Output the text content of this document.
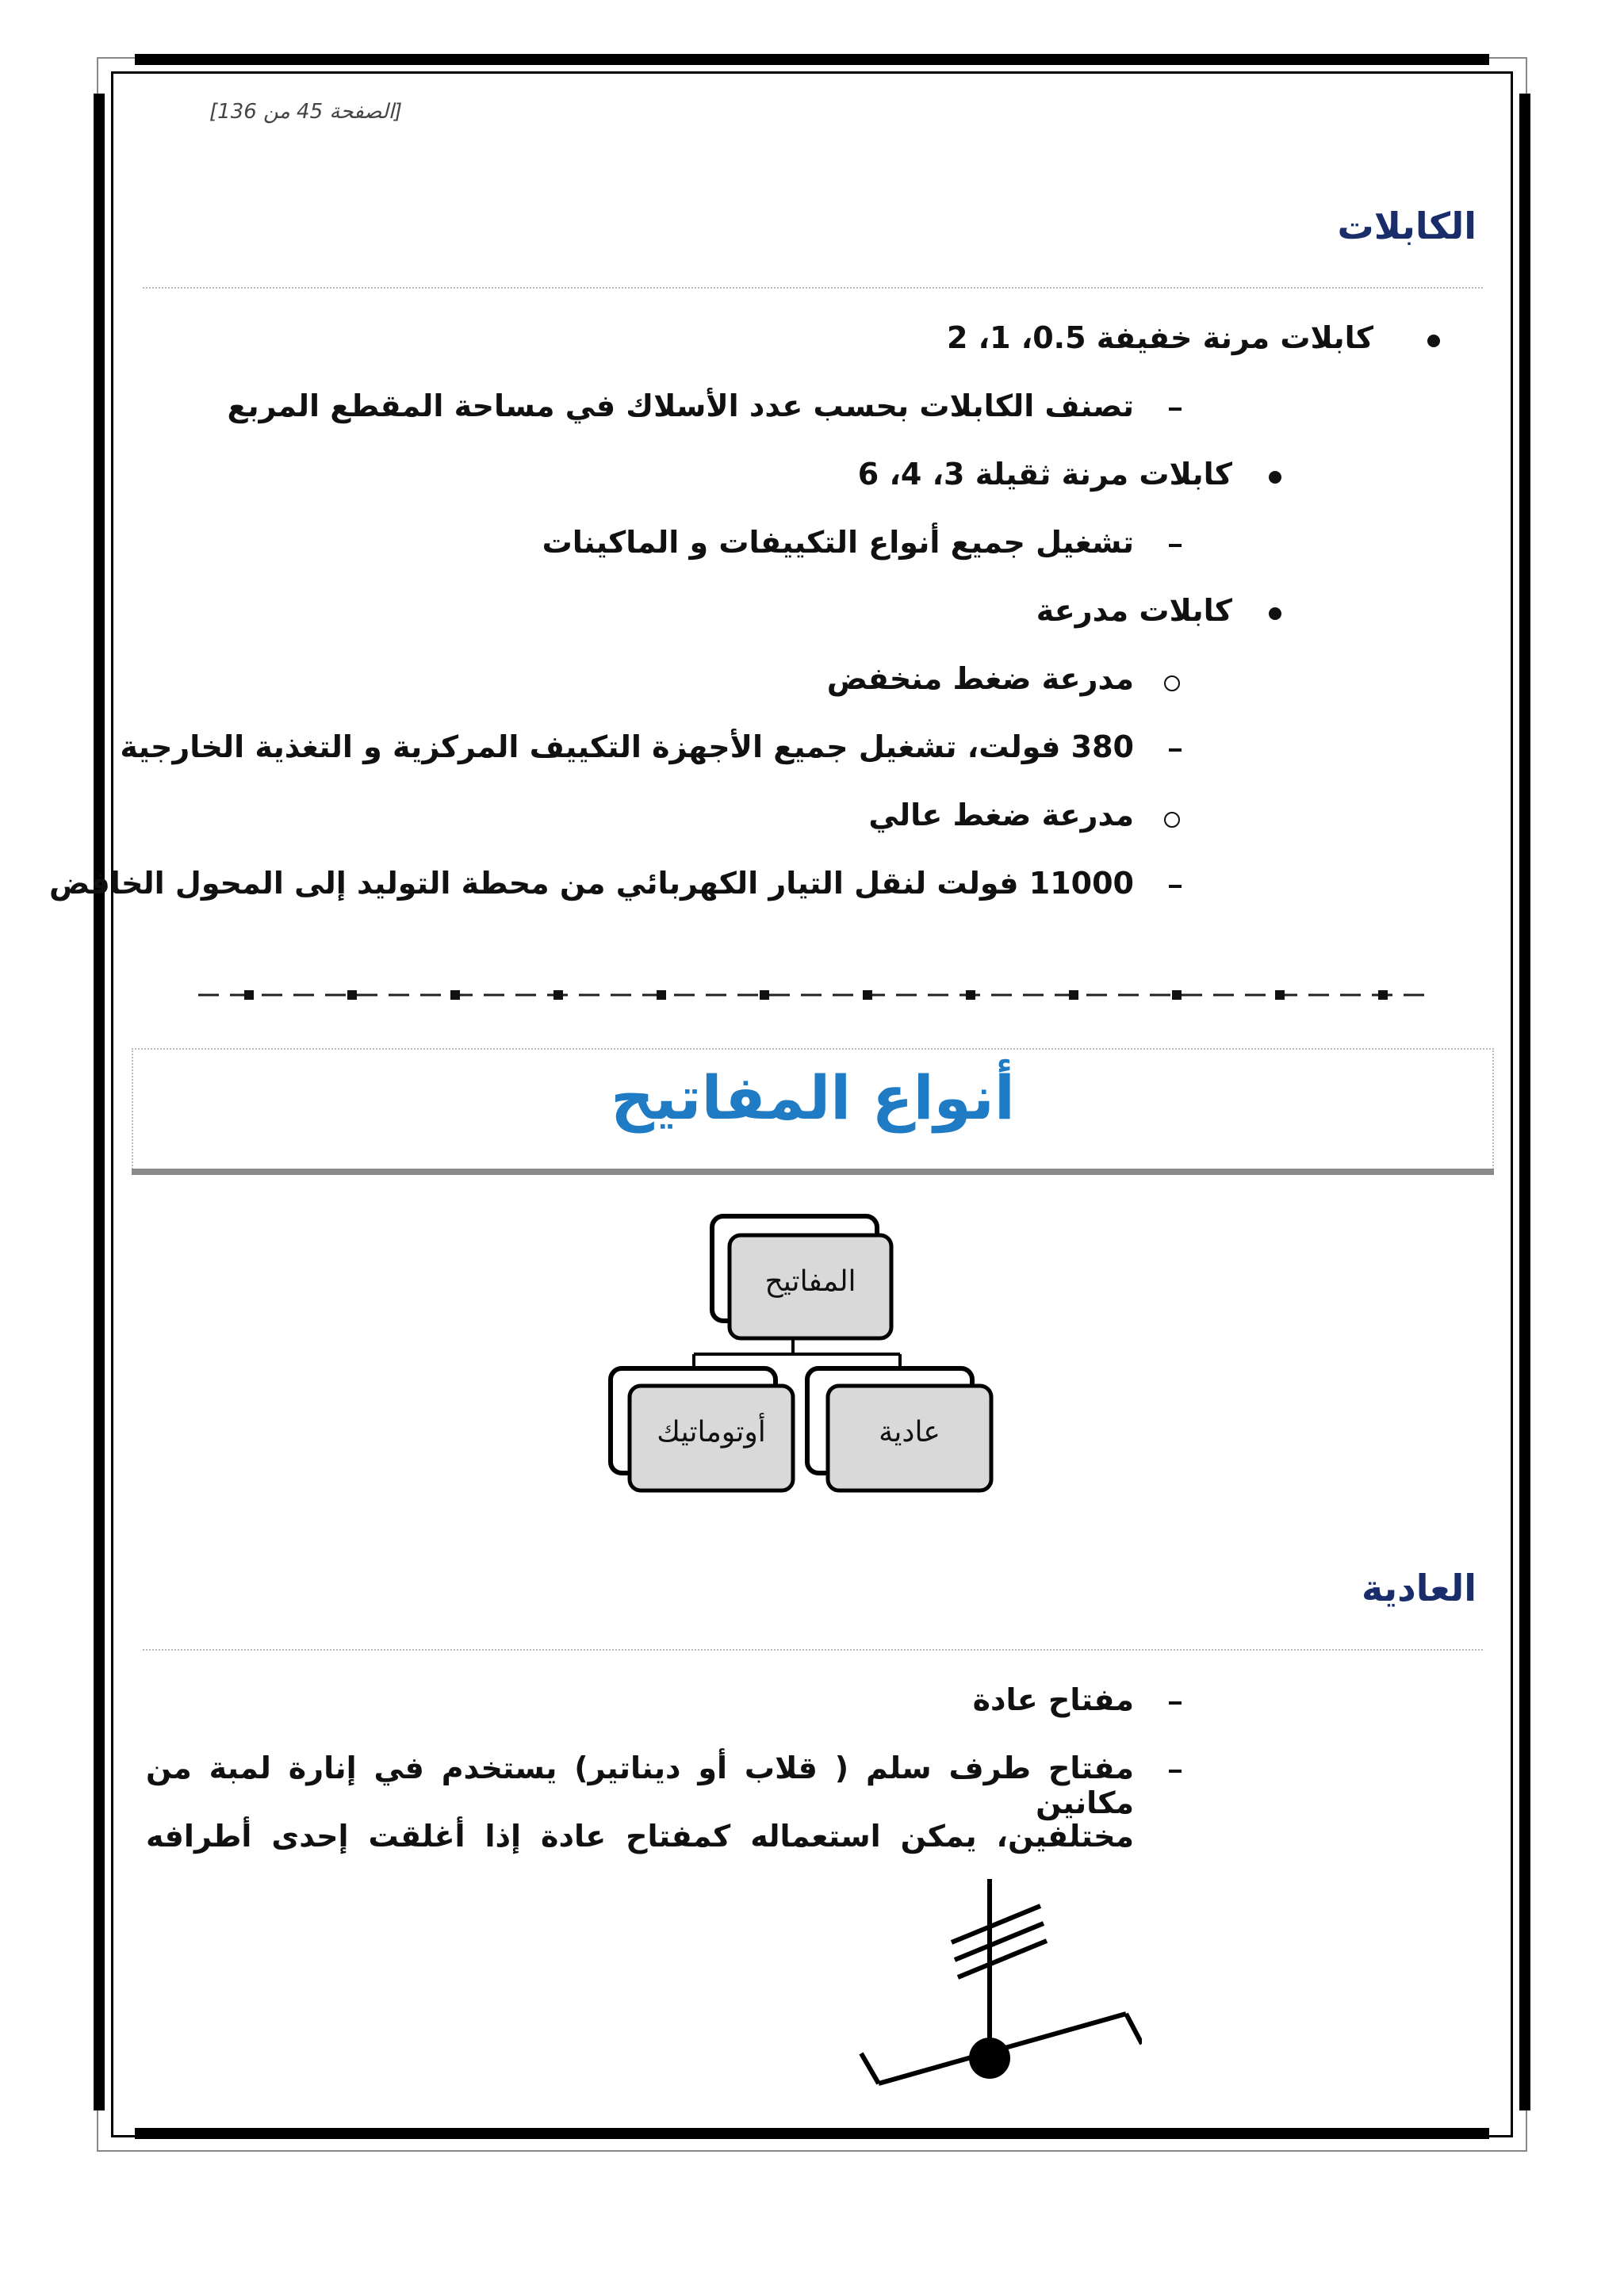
[الصفحة 45 من 136]
الكابلات
كابلات مرنة خفيفة 0.5، 1، 2
تصنف الكابلات بحسب عدد الأسلاك في مساحة المقطع المربع
كابلات مرنة ثقيلة 3، 4، 6
تشغيل جميع أنواع التكييفات و الماكينات
كابلات مدرعة
مدرعة ضغط منخفض
380 فولت، تشغيل جميع الأجهزة التكييف المركزية و التغذية الخارجية
مدرعة ضغط عالي
11000 فولت لنقل التيار الكهربائي من محطة التوليد إلى المحول الخافض
أنواع المفاتيح
المفاتيح
عادية
أوتوماتيك
العادية
مفتاح عادة
مفتاح طرف سلم ( قلاب أو ديناتير) يستخدم في إنارة لمبة من مكانين
مختلفين، يمكن استعماله كمفتاح عادة إذا أغلقت إحدى أطرافه
